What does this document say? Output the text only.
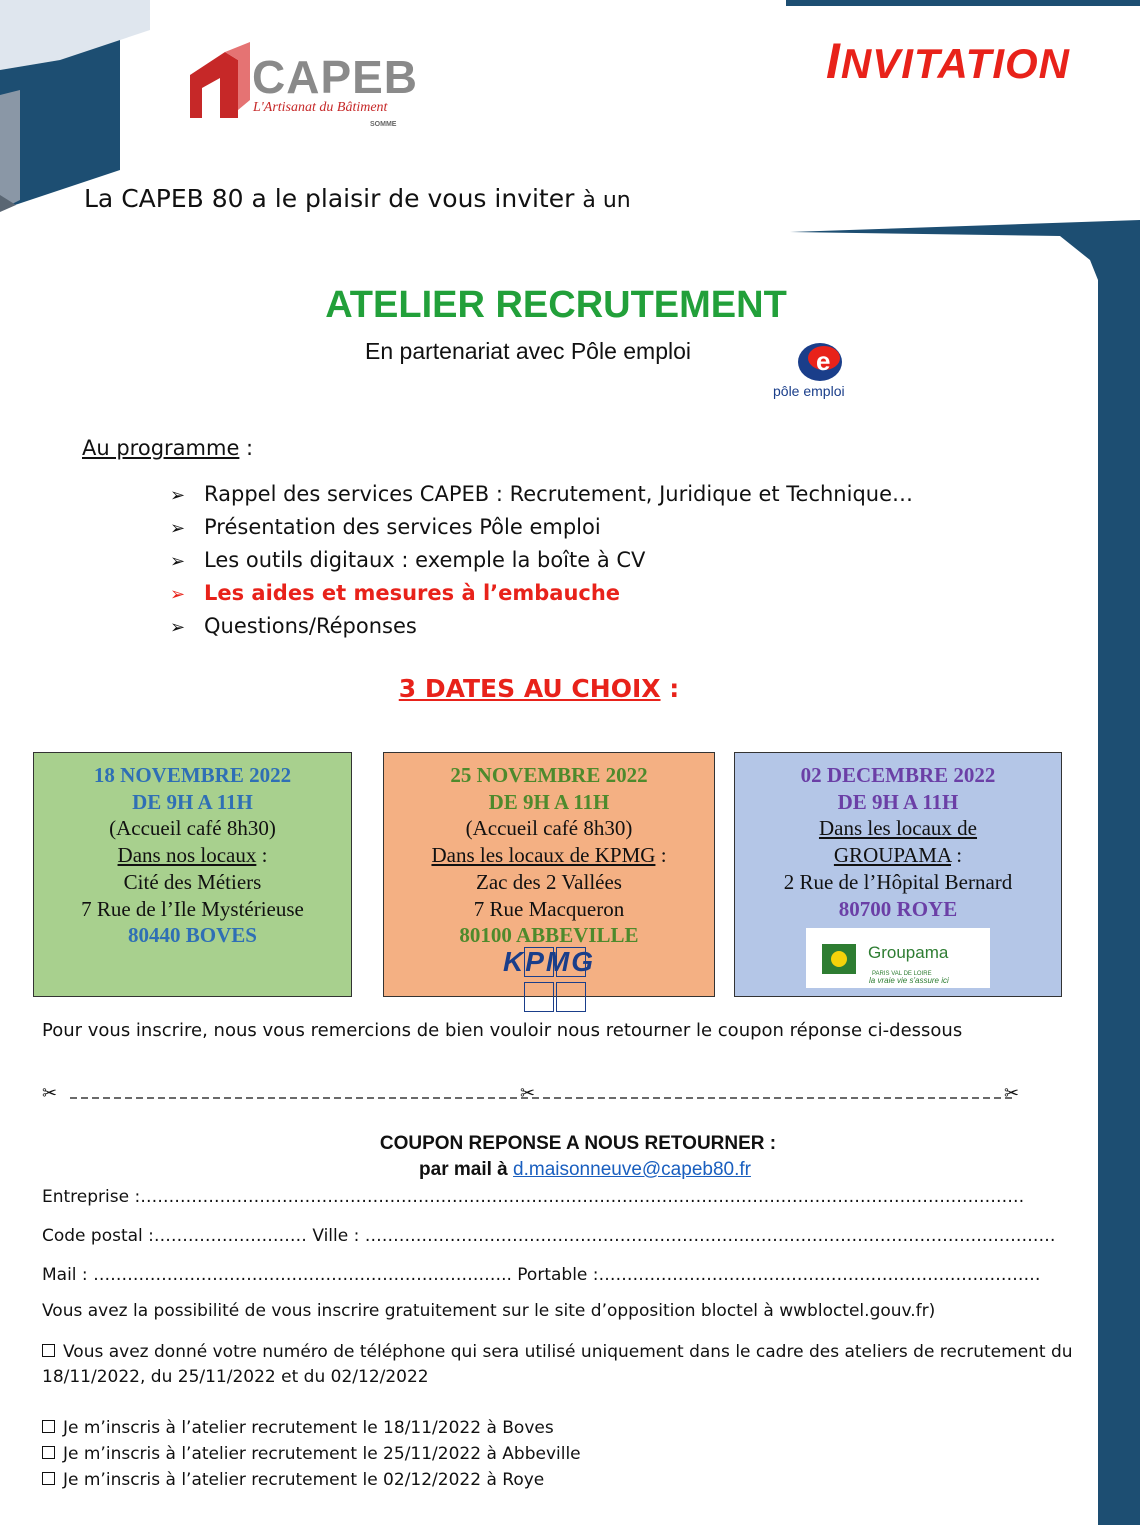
CAPEB
L'Artisanat du Bâtiment
SOMME
INVITATION
La CAPEB 80 a le plaisir de vous inviter à un
ATELIER RECRUTEMENT
En partenariat avec Pôle emploi	e
pôle emploi
Au programme :
➢ Rappel des services CAPEB : Recrutement, Juridique et Technique…
➢ Présentation des services Pôle emploi
➢ Les outils digitaux : exemple la boîte à CV
➢ Les aides et mesures à l’embauche
➢ Questions/Réponses
3 DATES AU CHOIX :
18 NOVEMBRE 2022
DE 9H A 11H
(Accueil café 8h30)
Dans nos locaux :
Cité des Métiers
7 Rue de l’Ile Mystérieuse
80440 BOVES
25 NOVEMBRE 2022
DE 9H A 11H
(Accueil café 8h30)
Dans les locaux de KPMG :
Zac des 2 Vallées
7 Rue Macqueron
80100 ABBEVILLE
KPMG
02 DECEMBRE 2022
DE 9H A 11H
Dans les locaux de
GROUPAMA :
2 Rue de l’Hôpital Bernard
80700 ROYE
Groupama
PARIS VAL DE LOIRE
la vraie vie s'assure ici
Pour vous inscrire, nous vous remercions de bien vouloir nous retourner le coupon réponse ci-dessous
✂	✂	✂
COUPON REPONSE A NOUS RETOURNER :
par mail à d.maisonneuve@capeb80.fr
Entreprise :…………………………………………………………………………………………………………………………………………
Code postal :……………………… Ville : …………………………………………………………..………………………………………………
Mail : ……………………………………………………………….. Portable :……………………………………………………………………
Vous avez la possibilité de vous inscrire gratuitement sur le site d’opposition bloctel à wwbloctel.gouv.fr)
Vous avez donné votre numéro de téléphone qui sera utilisé uniquement dans le cadre des ateliers de recrutement du 18/11/2022, du 25/11/2022 et du 02/12/2022
Je m’inscris à l’atelier recrutement le 18/11/2022 à Boves
Je m’inscris à l’atelier recrutement le 25/11/2022 à Abbeville
Je m’inscris à l’atelier recrutement le 02/12/2022 à Roye
